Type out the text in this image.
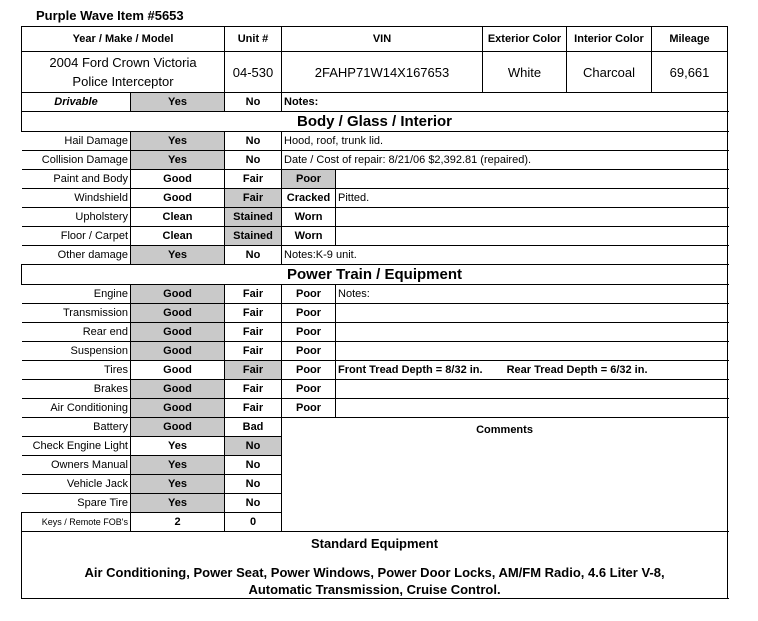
Purple Wave Item #5653
Year / Make / Model		Unit #	VIN		Exterior Color	Interior Color	Mileage	

2004 Ford Crown Victoria
Police Interceptor		04-530	2FAHP71W14X167653		White	Charcoal	69,661	
Drivable	Yes	No	Notes:					
Body / Glass / Interior								
Hail Damage	Yes	No	Hood, roof, trunk lid.					
Collision Damage	Yes	No	Date / Cost of repair: 8/21/06 $2,392.81 (repaired).					
Paint and Body	Good	Fair	Poor					
Windshield	Good	Fair	Cracked	Pitted.				
Upholstery	Clean	Stained	Worn					
Floor / Carpet	Clean	Stained	Worn					
Other damage	Yes	No	Notes:K-9 unit.					
Power Train / Equipment								
Engine	Good	Fair	Poor	Notes:				
Transmission	Good	Fair	Poor					
Rear end	Good	Fair	Poor					
Suspension	Good	Fair	Poor					
Tires	Good	Fair	Poor	Front Tread Depth = 8/32 in. Rear Tread Depth = 6/32 in.				
Brakes	Good	Fair	Poor					
Air Conditioning	Good	Fair	Poor					
Battery	Good	Bad	Comments					
Check Engine Light	Yes	No						
Owners Manual	Yes	No						
Vehicle Jack	Yes	No						
Spare Tire	Yes	No						
Keys / Remote FOB's	2	0						

Standard Equipment
Air Conditioning, Power Seat, Power Windows, Power Door Locks, AM/FM Radio, 4.6 Liter V-8,
Automatic Transmission, Cruise Control.								
